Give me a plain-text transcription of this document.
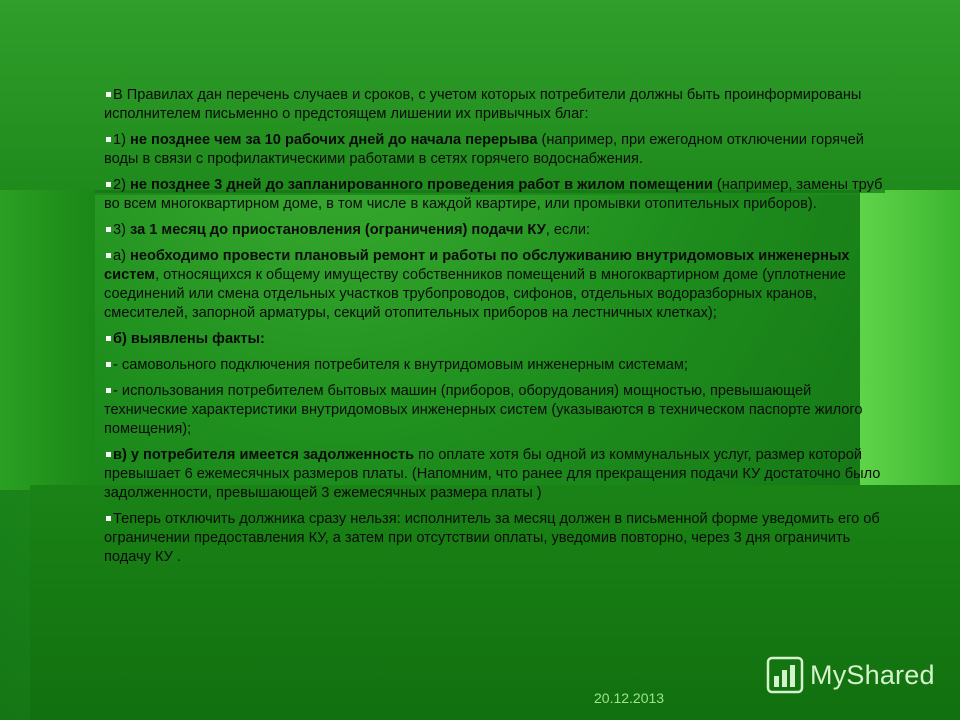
В Правилах дан перечень случаев и сроков, с учетом которых потребители должны быть проинформированы исполнителем письменно о предстоящем лишении их привычных благ:

1) не позднее чем за 10 рабочих дней до начала перерыва (например, при ежегодном отключении горячей воды в связи с профилактическими работами в сетях горячего водоснабжения.

2) не позднее 3 дней до запланированного проведения работ в жилом помещении (например, замены труб во всем многоквартирном доме, в том числе в каждой квартире, или промывки отопительных приборов).

3) за 1 месяц до приостановления (ограничения) подачи КУ, если:

а) необходимо провести плановый ремонт и работы по обслуживанию внутридомовых инженерных систем, относящихся к общему имуществу собственников помещений в многоквартирном доме (уплотнение соединений или смена отдельных участков трубопроводов, сифонов, отдельных водоразборных кранов, смесителей, запорной арматуры, секций отопительных приборов на лестничных клетках);

б) выявлены факты:

- самовольного подключения потребителя к внутридомовым инженерным системам;

- использования потребителем бытовых машин (приборов, оборудования) мощностью, превышающей технические характеристики внутридомовых инженерных систем (указываются в техническом паспорте жилого помещения);

в) у потребителя имеется задолженность по оплате хотя бы одной из коммунальных услуг, размер которой превышает 6 ежемесячных размеров платы. (Напомним, что ранее для прекращения подачи КУ достаточно было задолженности, превышающей 3 ежемесячных размера платы )

Теперь отключить должника сразу нельзя: исполнитель за месяц должен в письменной форме уведомить его об ограничении предоставления КУ, а затем при отсутствии оплаты, уведомив повторно, через 3 дня ограничить подачу КУ .

20.12.2013
MyShared
